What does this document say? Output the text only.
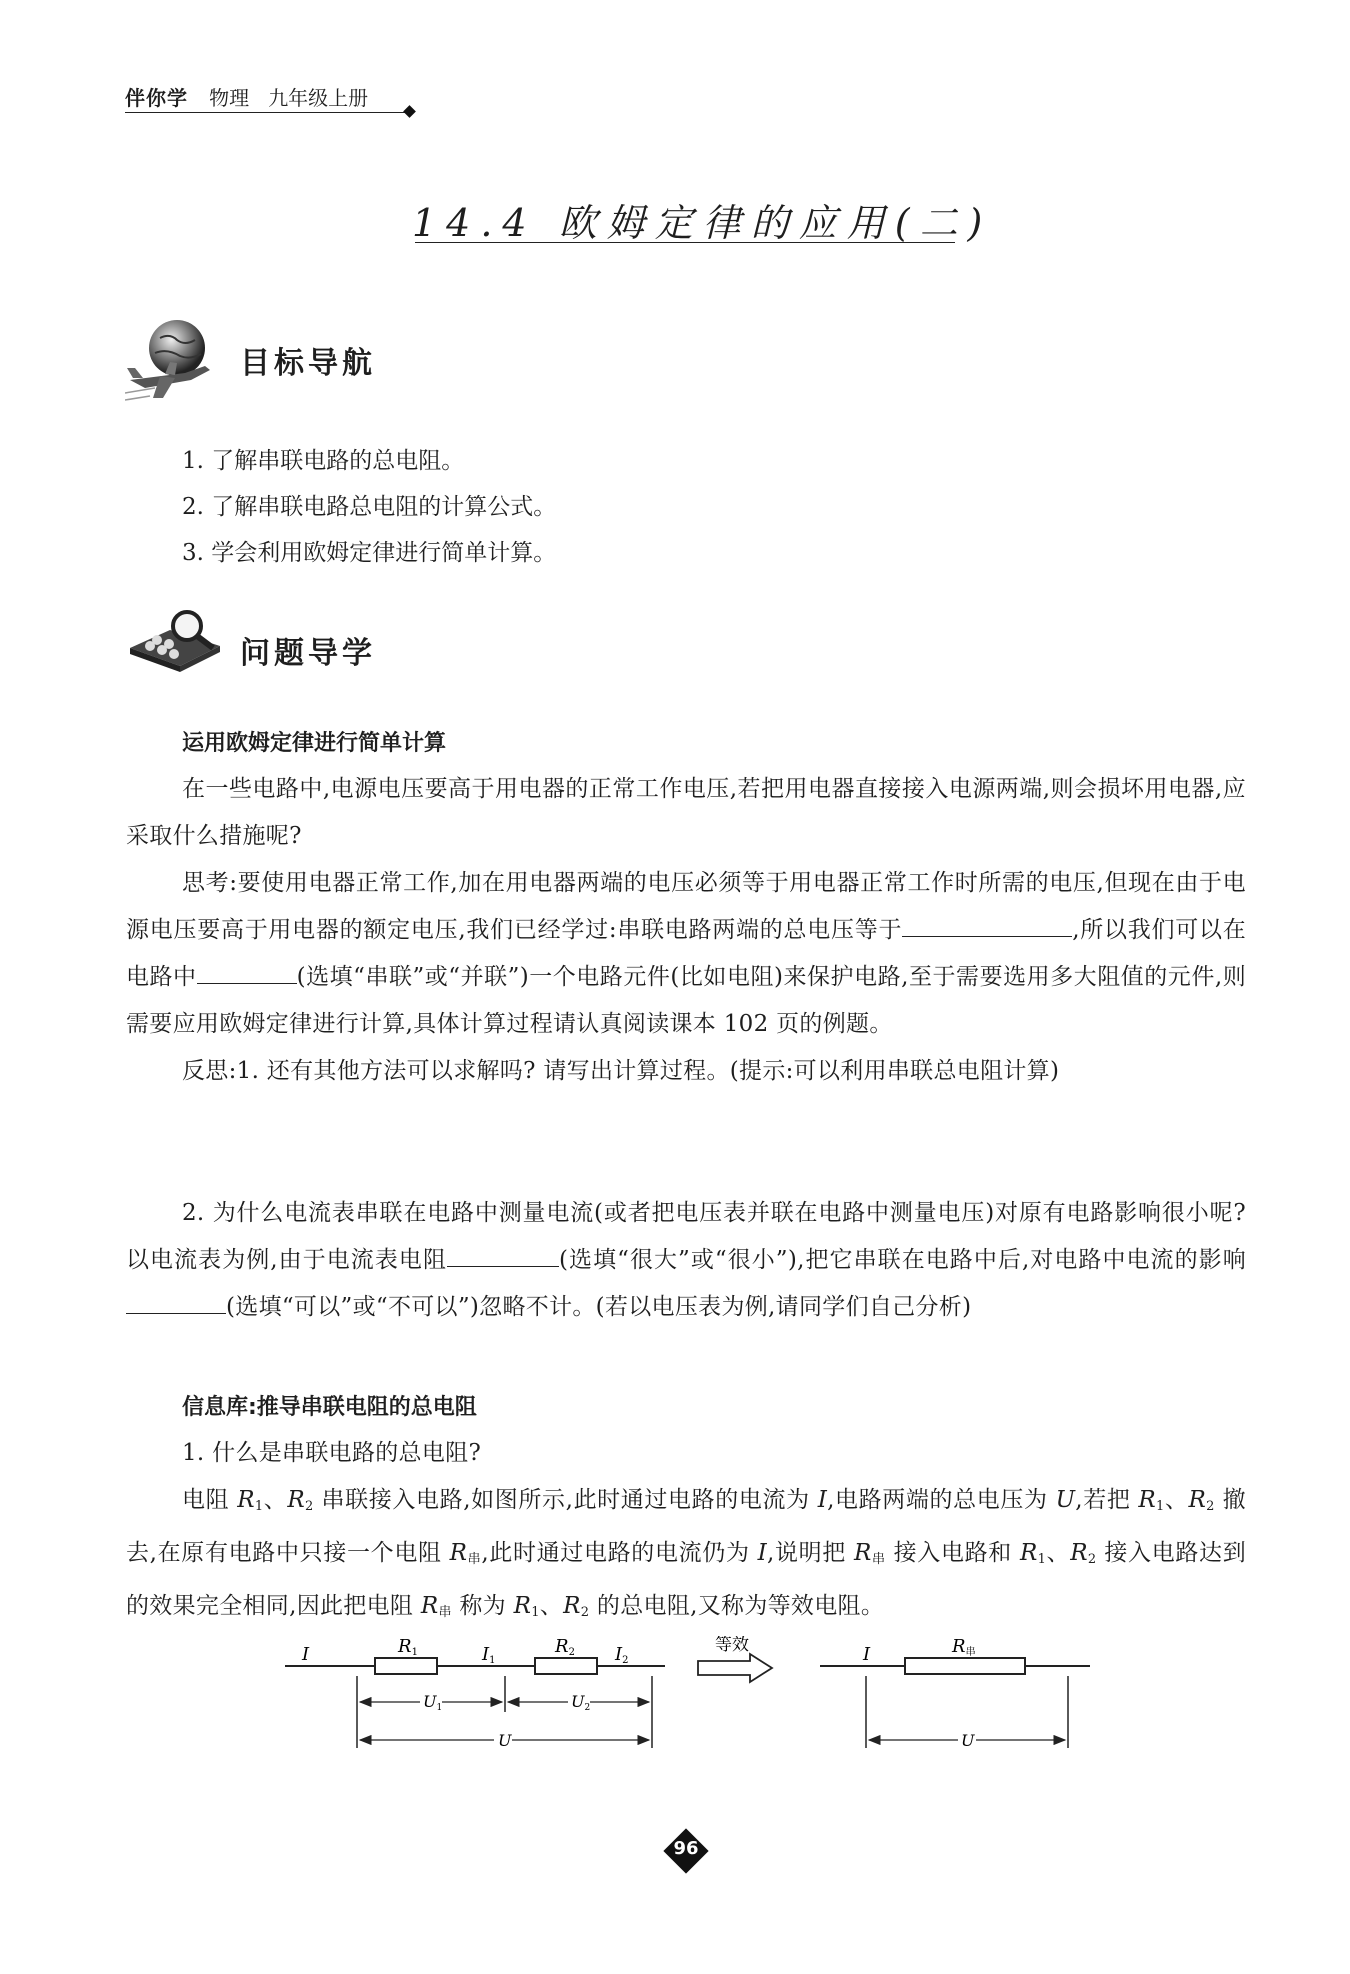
伴你学 物理 九年级上册
14.4 欧姆定律的应用(二)
目标导航
1. 了解串联电路的总电阻。
2. 了解串联电路总电阻的计算公式。
3. 学会利用欧姆定律进行简单计算。
问题导学
运用欧姆定律进行简单计算

在一些电路中,电源电压要高于用电器的正常工作电压,若把用电器直接接入电源两端,则会损坏用电器,应采取什么措施呢?

思考:要使用电器正常工作,加在用电器两端的电压必须等于用电器正常工作时所需的电压,但现在由于电源电压要高于用电器的额定电压,我们已经学过:串联电路两端的总电压等于	,所以我们可以在电路中	(选填“串联”或“并联”)一个电路元件(比如电阻)来保护电路,至于需要选用多大阻值的元件,则需要应用欧姆定律进行计算,具体计算过程请认真阅读课本 102 页的例题。

反思:1. 还有其他方法可以求解吗? 请写出计算过程。(提示:可以利用串联总电阻计算)

2. 为什么电流表串联在电路中测量电流(或者把电压表并联在电路中测量电压)对原有电路影响很小呢? 以电流表为例,由于电流表电阻	(选填“很大”或“很小”),把它串联在电路中后,对电路中电流的影响(选填“可以”或“不可以”)忽略不计。(若以电压表为例,请同学们自己分析)

信息库:推导串联电阻的总电阻

1. 什么是串联电路的总电阻?

电阻 $R_1$、$R_2$ 串联接入电路,如图所示,此时通过电路的电流为 I,电路两端的总电压为 U,若把 $R_1$、$R_2$ 撤去,在原有电路中只接一个电阻 $R_串$,此时通过电路的电流仍为 I,说明把 $R_串$ 接入电路和 $R_1$、$R_2$ 接入电路达到的效果完全相同,因此把电阻 $R_串$ 称为 $R_1$、$R_2$ 的总电阻,又称为等效电阻。

I	R1	R2
I1	I2
U1	U2
U
等效	I	R串
U
96
